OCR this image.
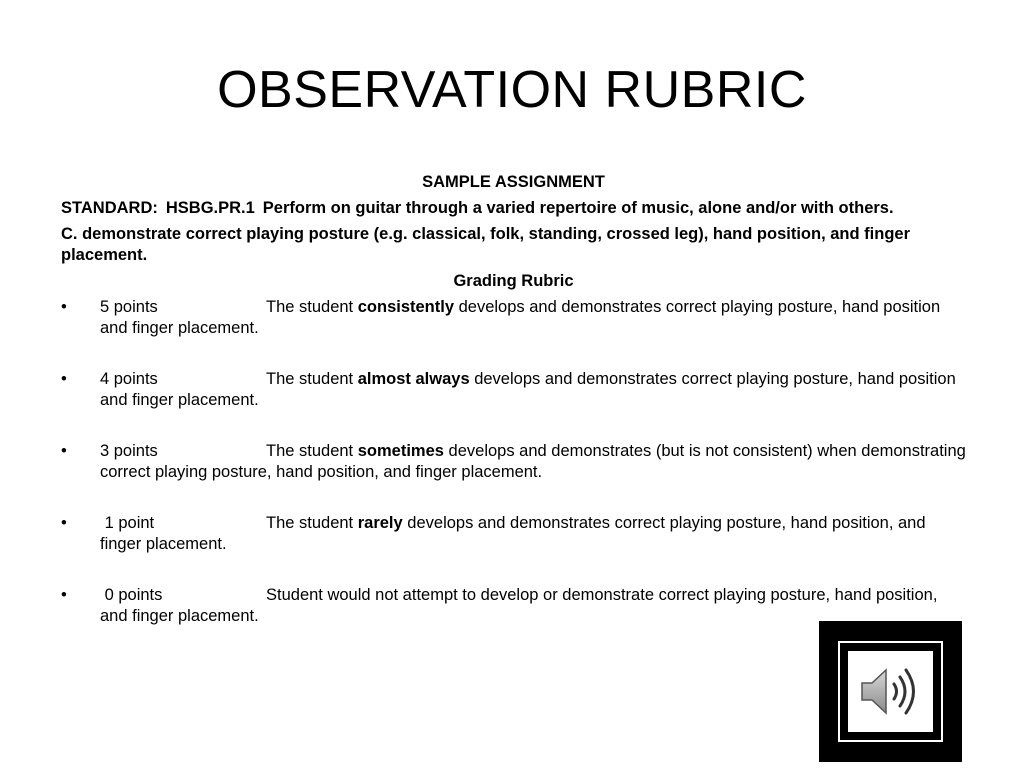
OBSERVATION RUBRIC
SAMPLE ASSIGNMENT
STANDARD: HSBG.PR.1 Perform on guitar through a varied repertoire of music, alone and/or with others.
C. demonstrate correct playing posture (e.g. classical, folk, standing, crossed leg), hand position, and finger placement.
Grading Rubric
• 5 points	The student consistently develops and demonstrates correct playing posture, hand position and finger placement.
• 4 points	The student almost always develops and demonstrates correct playing posture, hand position and finger placement.
• 3 points	The student sometimes develops and demonstrates (but is not consistent) when demonstrating correct playing posture, hand position, and finger placement.
• 1 point	The student rarely develops and demonstrates correct playing posture, hand position, and finger placement.
• 0 points	Student would not attempt to develop or demonstrate correct playing posture, hand position, and finger placement.
